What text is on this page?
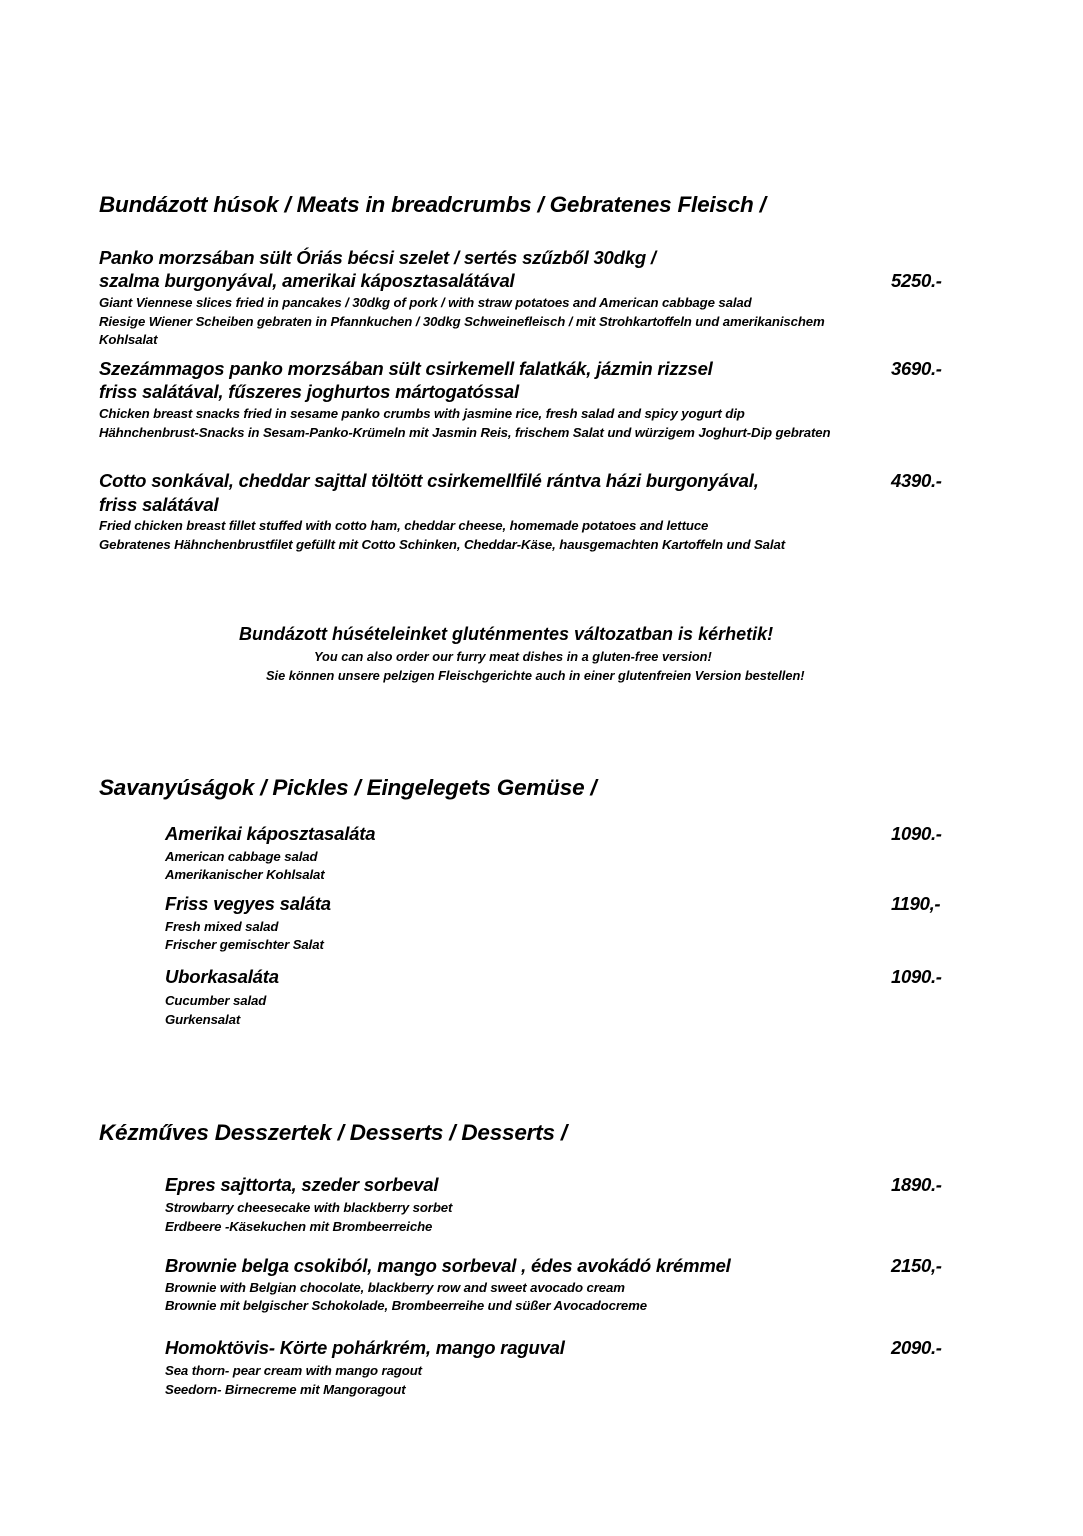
Bundázott húsok / Meats in breadcrumbs / Gebratenes Fleisch /
Panko morzsában sült Óriás bécsi szelet / sertés szűzből 30dkg /
szalma burgonyával, amerikai káposztasalátával	5250.-
Giant Viennese slices fried in pancakes / 30dkg of pork / with straw potatoes and American cabbage salad
Riesige Wiener Scheiben gebraten in Pfannkuchen / 30dkg Schweinefleisch / mit Strohkartoffeln und amerikanischem
Kohlsalat
Szezámmagos panko morzsában sült csirkemell falatkák, jázmin rizzsel
friss salátával, fűszeres joghurtos mártogatóssal
3690.-
Chicken breast snacks fried in sesame panko crumbs with jasmine rice, fresh salad and spicy yogurt dip
Hähnchenbrust-Snacks in Sesam-Panko-Krümeln mit Jasmin Reis, frischem Salat und würzigem Joghurt-Dip gebraten
Cotto sonkával, cheddar sajttal töltött csirkemellfilé rántva házi burgonyával,
friss salátával
4390.-
Fried chicken breast fillet stuffed with cotto ham, cheddar cheese, homemade potatoes and lettuce
Gebratenes Hähnchenbrustfilet gefüllt mit Cotto Schinken, Cheddar-Käse, hausgemachten Kartoffeln und Salat
Bundázott húsételeinket gluténmentes változatban is kérhetik!
You can also order our furry meat dishes in a gluten-free version!
Sie können unsere pelzigen Fleischgerichte auch in einer glutenfreien Version bestellen!
Savanyúságok / Pickles / Eingelegets Gemüse /
Amerikai káposztasaláta	1090.-
American cabbage salad
Amerikanischer Kohlsalat
Friss vegyes saláta	1190,-
Fresh mixed salad
Frischer gemischter Salat
Uborkasaláta	1090.-
Cucumber salad
Gurkensalat
Kézműves Desszertek / Desserts / Desserts /
Epres sajttorta, szeder sorbeval	1890.-
Strowbarry cheesecake with blackberry sorbet
Erdbeere -Käsekuchen mit Brombeerreiche
Brownie belga csokiból, mango sorbeval , édes avokádó krémmel	2150,-
Brownie with Belgian chocolate, blackberry row and sweet avocado cream
Brownie mit belgischer Schokolade, Brombeerreihe und süßer Avocadocreme
Homoktövis- Körte pohárkrém, mango raguval	2090.-
Sea thorn- pear cream with mango ragout
Seedorn- Birnecreme mit Mangoragout
